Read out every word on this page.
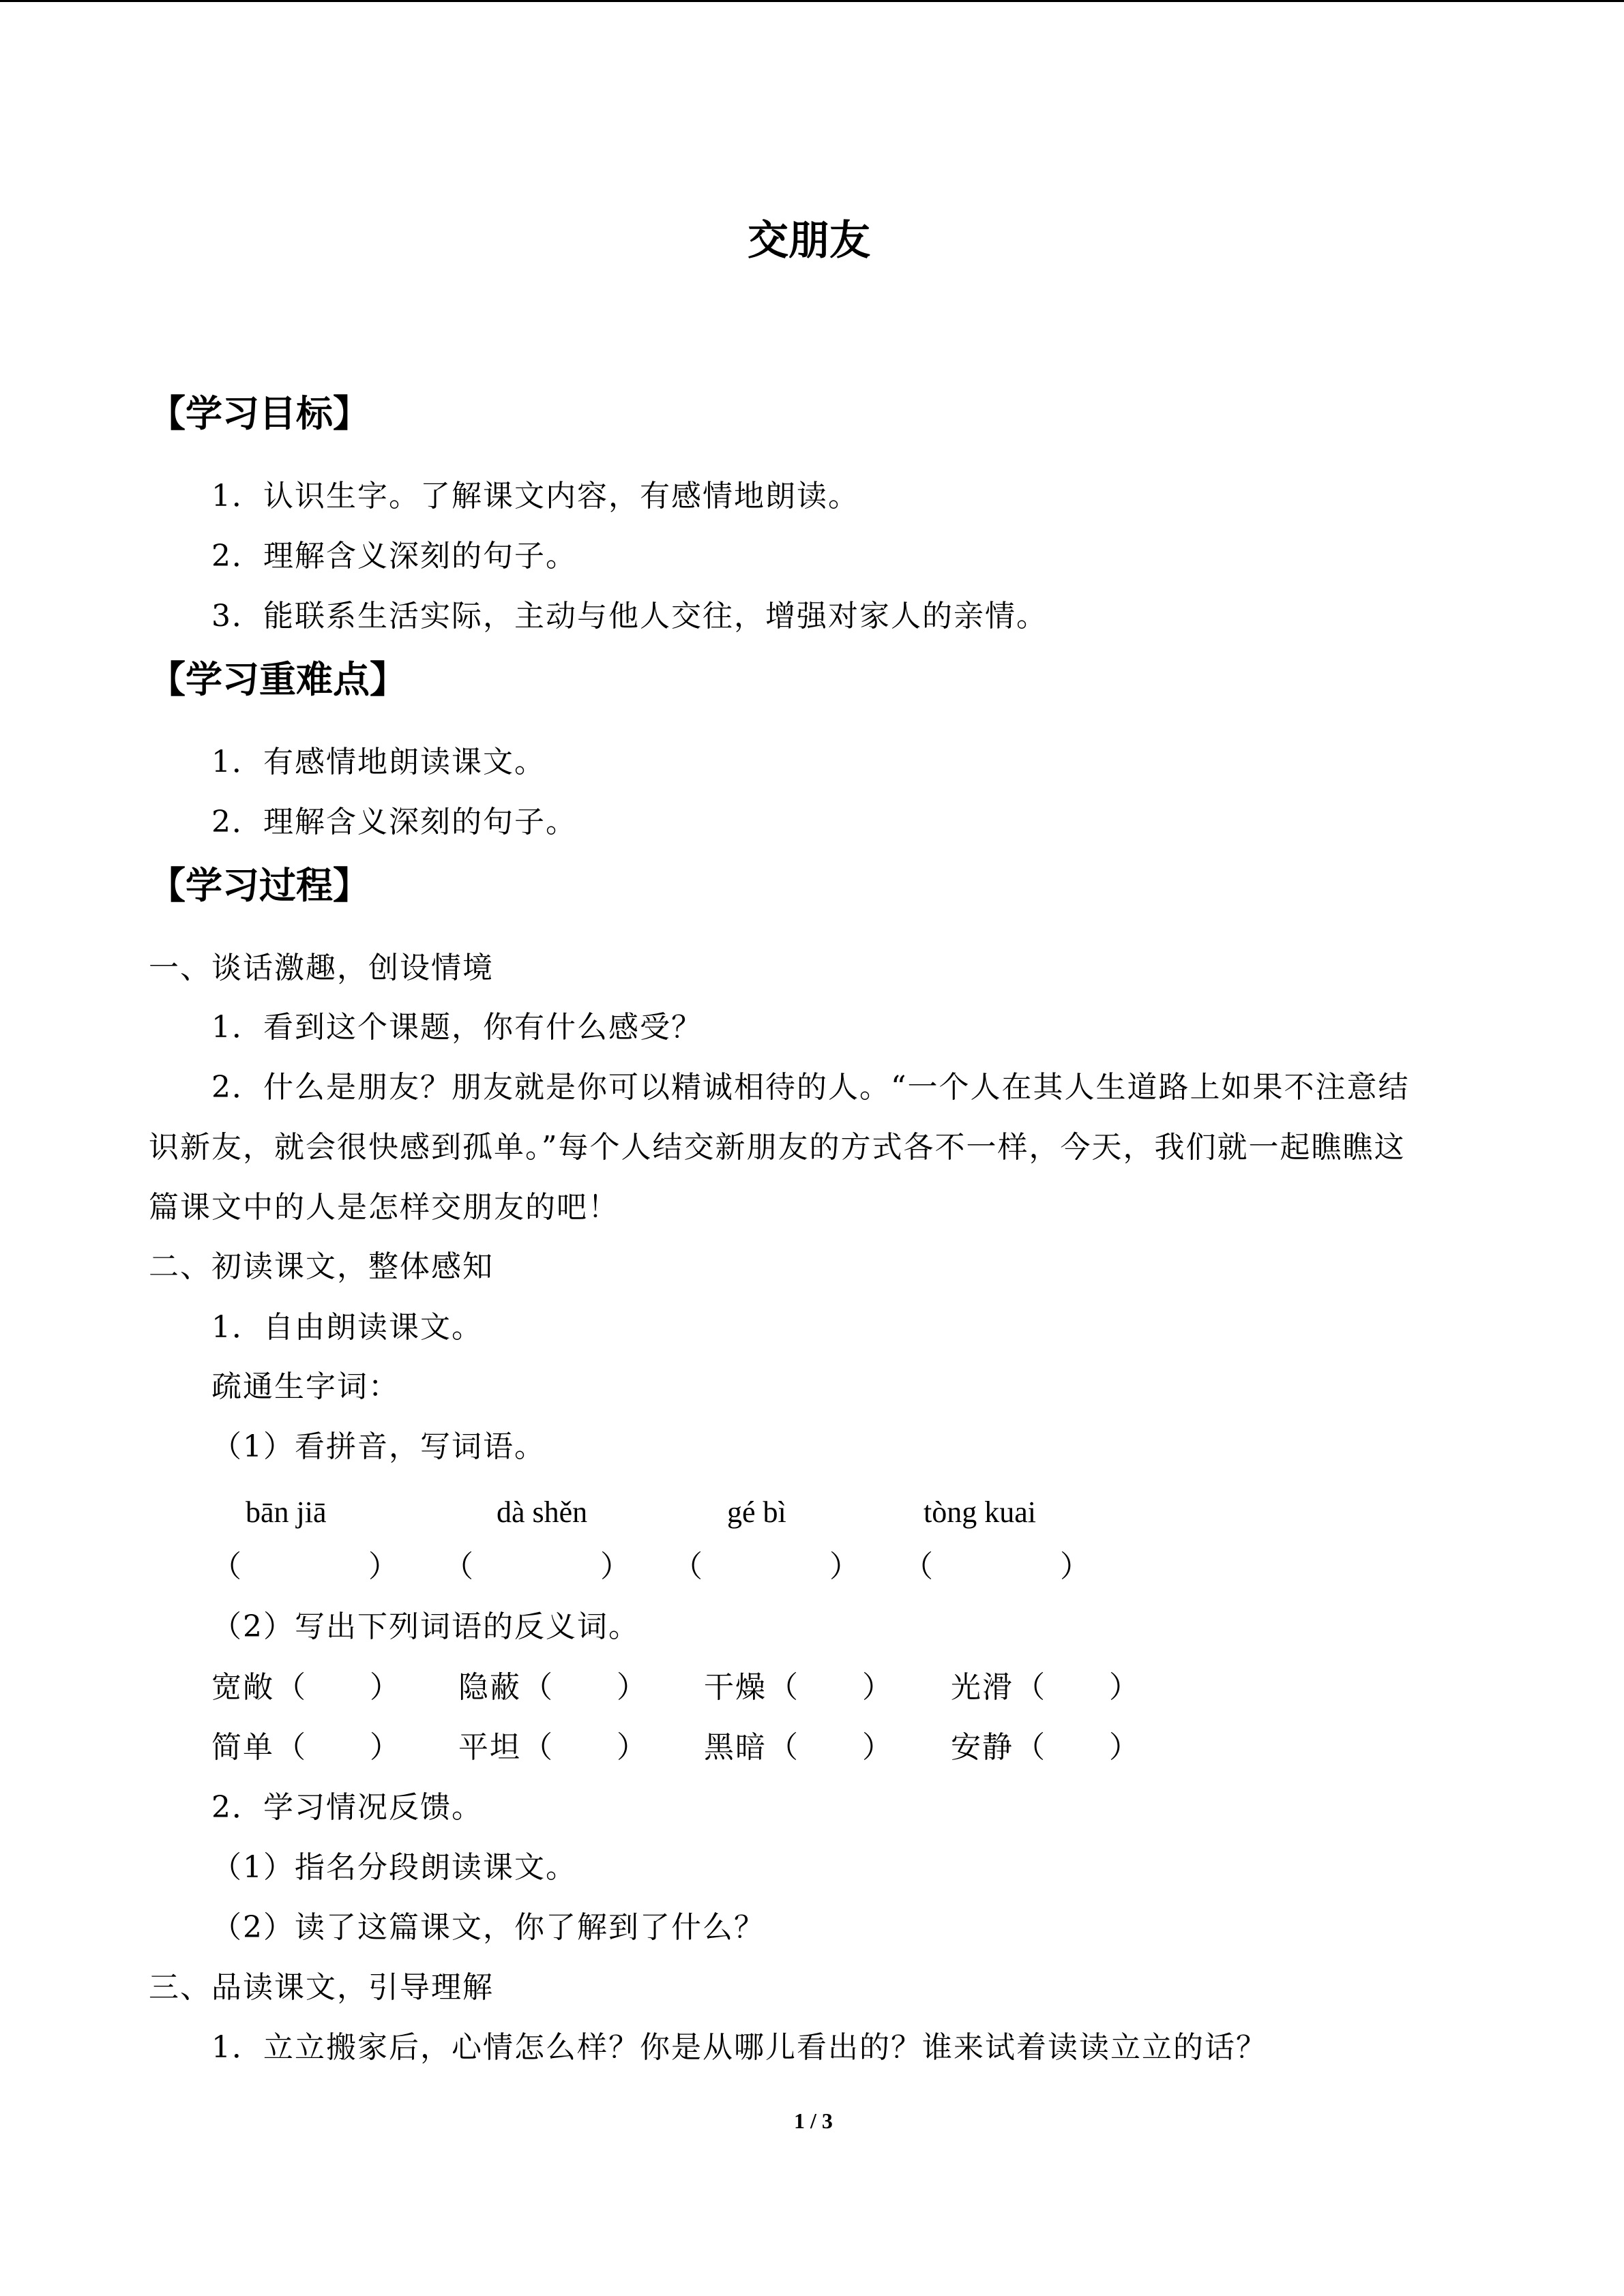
交朋友
【学习目标】
1．认识生字。了解课文内容，有感情地朗读。
2．理解含义深刻的句子。
3．能联系生活实际，主动与他人交往，增强对家人的亲情。
【学习重难点】
1．有感情地朗读课文。
2．理解含义深刻的句子。
【学习过程】
一、谈话激趣，创设情境
1．看到这个课题，你有什么感受？
2．什么是朋友？朋友就是你可以精诚相待的人。“一个人在其人生道路上如果不注意结
识新友，就会很快感到孤单。”每个人结交新朋友的方式各不一样，今天，我们就一起瞧瞧这
篇课文中的人是怎样交朋友的吧！
二、初读课文，整体感知
1．自由朗读课文。
疏通生字词：
（1）看拼音，写词语。
bān jiā	dà shěn	gé bì	tòng kuai
（　　　　） （　　　　） （　　　　） （　　　　）
（2）写出下列词语的反义词。
宽敞 （　　） 隐蔽 （　　） 干燥 （　　） 光滑 （　　）
简单 （　　） 平坦 （　　） 黑暗 （　　） 安静 （　　）
2．学习情况反馈。
（1）指名分段朗读课文。
（2）读了这篇课文，你了解到了什么？
三、品读课文，引导理解
1．立立搬家后，心情怎么样？你是从哪儿看出的？谁来试着读读立立的话？
1 / 3
